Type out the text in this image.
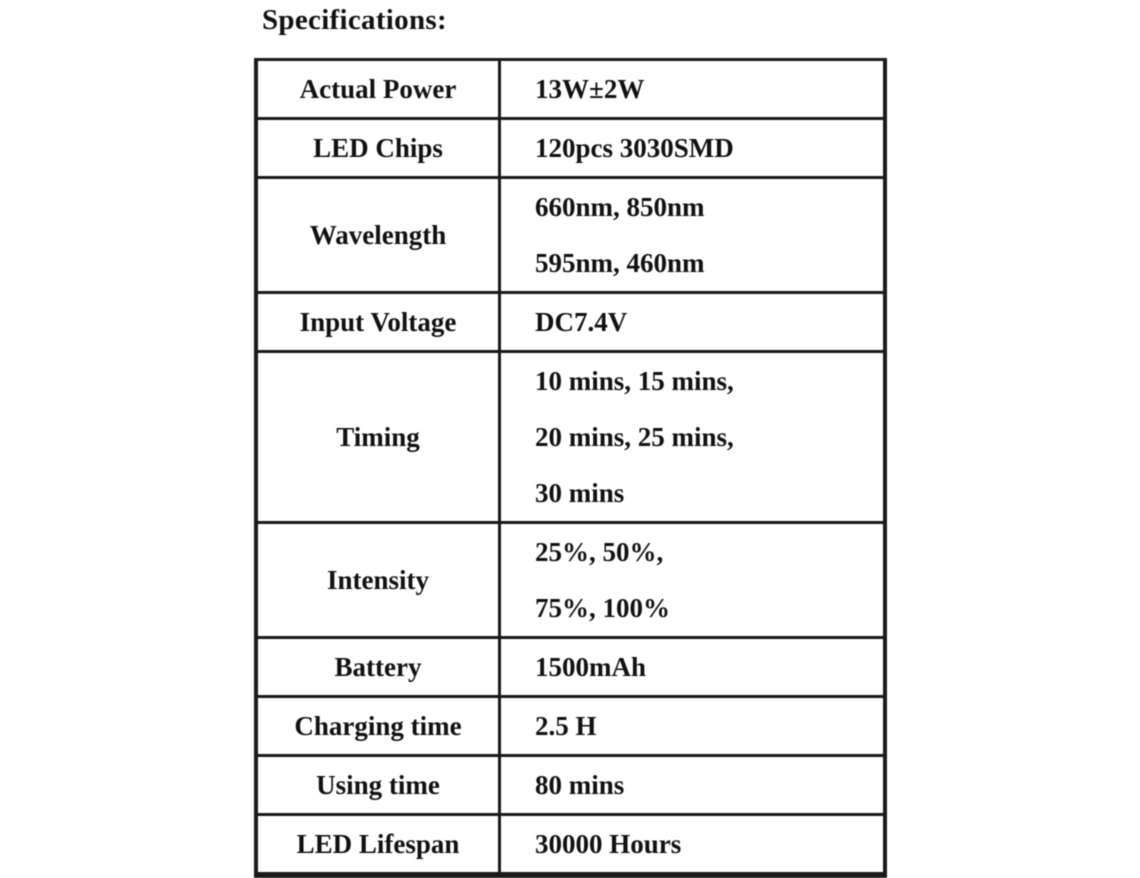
Specifications:
Actual Power	13W±2W

LED Chips	120pcs 3030SMD

Wavelength	660nm, 850nm
595nm, 460nm

Input Voltage	DC7.4V

Timing	10 mins, 15 mins,
20 mins, 25 mins,
30 mins

Intensity	25%, 50%,
75%, 100%

Battery	1500mAh

Charging time	2.5 H

Using time	80 mins

LED Lifespan	30000 Hours
